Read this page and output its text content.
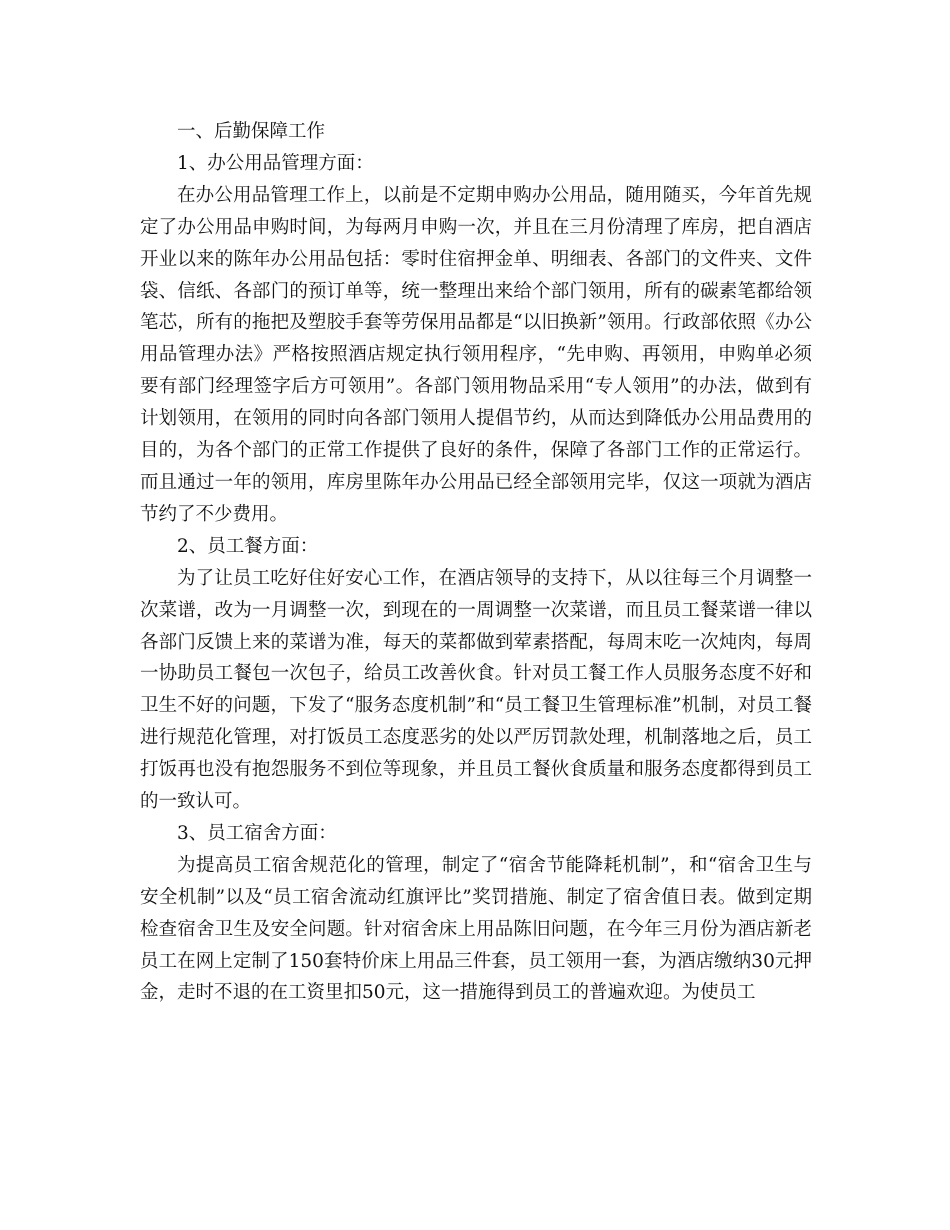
一、后勤保障工作

1、办公用品管理方面：

在办公用品管理工作上，以前是不定期申购办公用品，随用随买，今年首先规定了办公用品申购时间，为每两月申购一次，并且在三月份清理了库房，把自酒店开业以来的陈年办公用品包括：零时住宿押金单、明细表、各部门的文件夹、文件袋、信纸、各部门的预订单等，统一整理出来给个部门领用，所有的碳素笔都给领笔芯，所有的拖把及塑胶手套等劳保用品都是“以旧换新”领用。行政部依照《办公用品管理办法》严格按照酒店规定执行领用程序，“先申购、再领用，申购单必须要有部门经理签字后方可领用”。各部门领用物品采用“专人领用”的办法，做到有计划领用，在领用的同时向各部门领用人提倡节约，从而达到降低办公用品费用的目的，为各个部门的正常工作提供了良好的条件，保障了各部门工作的正常运行。而且通过一年的领用，库房里陈年办公用品已经全部领用完毕，仅这一项就为酒店节约了不少费用。

2、员工餐方面：

为了让员工吃好住好安心工作，在酒店领导的支持下，从以往每三个月调整一次菜谱，改为一月调整一次，到现在的一周调整一次菜谱，而且员工餐菜谱一律以各部门反馈上来的菜谱为准，每天的菜都做到荤素搭配，每周末吃一次炖肉，每周一协助员工餐包一次包子，给员工改善伙食。针对员工餐工作人员服务态度不好和卫生不好的问题，下发了“服务态度机制”和“员工餐卫生管理标准”机制，对员工餐进行规范化管理，对打饭员工态度恶劣的处以严厉罚款处理，机制落地之后，员工打饭再也没有抱怨服务不到位等现象，并且员工餐伙食质量和服务态度都得到员工的一致认可。

3、员工宿舍方面：

为提高员工宿舍规范化的管理，制定了“宿舍节能降耗机制”，和“宿舍卫生与安全机制”以及“员工宿舍流动红旗评比”奖罚措施、制定了宿舍值日表。做到定期检查宿舍卫生及安全问题。针对宿舍床上用品陈旧问题，在今年三月份为酒店新老员工在网上定制了150套特价床上用品三件套，员工领用一套，为酒店缴纳30元押金，走时不退的在工资里扣50元，这一措施得到员工的普遍欢迎。为使员工
